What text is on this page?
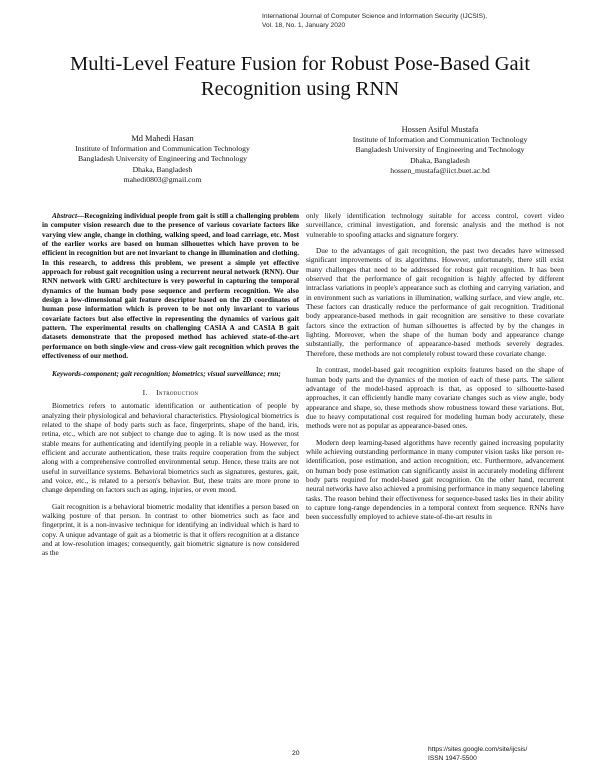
International Journal of Computer Science and Information Security (IJCSIS),
Vol. 18, No. 1, January 2020
Multi-Level Feature Fusion for Robust Pose-Based Gait Recognition using RNN
Md Mahedi Hasan
Institute of Information and Communication Technology
Bangladesh University of Engineering and Technology
Dhaka, Bangladesh
mahedi0803@gmail.com
Hossen Asiful Mustafa
Institute of Information and Communication Technology
Bangladesh University of Engineering and Technology
Dhaka, Bangladesh
hossen_mustafa@iict.buet.ac.bd

Abstract—Recognizing individual people from gait is still a challenging problem in computer vision research due to the presence of various covariate factors like varying view angle, change in clothing, walking speed, and load carriage, etc. Most of the earlier works are based on human silhouettes which have proven to be efficient in recognition but are not invariant to change in illumination and clothing. In this research, to address this problem, we present a simple yet effective approach for robust gait recognition using a recurrent neural network (RNN). Our RNN network with GRU architecture is very powerful in capturing the temporal dynamics of the human body pose sequence and perform recognition. We also design a low-dimensional gait feature descriptor based on the 2D coordinates of human pose information which is proven to be not only invariant to various covariate factors but also effective in representing the dynamics of various gait pattern. The experimental results on challenging CASIA A and CASIA B gait datasets demonstrate that the proposed method has achieved state-of-the-art performance on both single-view and cross-view gait recognition which proves the effectiveness of our method.

Keywords-component; gait recognition; biometrics; visual surveillance; rnn;

I. Introduction

Biometrics refers to automatic identification or authentication of people by analyzing their physiological and behavioral characteristics. Physiological biometrics is related to the shape of body parts such as face, fingerprints, shape of the hand, iris, retina, etc., which are not subject to change due to aging. It is now used as the most stable means for authenticating and identifying people in a reliable way. However, for efficient and accurate authentication, these traits require cooperation from the subject along with a comprehensive controlled environmental setup. Hence, these traits are not useful in surveillance systems. Behavioral biometrics such as signatures, gestures, gait, and voice, etc., is related to a person's behavior. But, these traits are more prone to change depending on factors such as aging, injuries, or even mood.

Gait recognition is a behavioral biometric modality that identifies a person based on walking posture of that person. In contrast to other biometrics such as face and fingerprint, it is a non-invasive technique for identifying an individual which is hard to copy. A unique advantage of gait as a biometric is that it offers recognition at a distance and at low-resolution images; consequently, gait biometric signature is now considered as the

only likely identification technology suitable for access control, covert video surveillance, criminal investigation, and forensic analysis and the method is not vulnerable to spoofing attacks and signature forgery.

Due to the advantages of gait recognition, the past two decades have witnessed significant improvements of its algorithms. However, unfortunately, there still exist many challenges that need to be addressed for robust gait recognition. It has been observed that the performance of gait recognition is highly affected by different intraclass variations in people's appearance such as clothing and carrying variation, and in environment such as variations in illumination, walking surface, and view angle, etc. These factors can drastically reduce the performance of gait recognition. Traditional body appearance-based methods in gait recognition are sensitive to these covariate factors since the extraction of human silhouettes is affected by by the changes in lighting. Moreover, when the shape of the human body and appearance change substantially, the performance of appearance-based methods severely degrades. Therefore, these methods are not completely robust toward these covariate change.

In contrast, model-based gait recognition exploits features based on the shape of human body parts and the dynamics of the motion of each of these parts. The salient advantage of the model-based approach is that, as opposed to silhouette-based approaches, it can efficiently handle many covariate changes such as view angle, body appearance and shape, so, these methods show robustness toward these variations. But, due to heavy computational cost required for modeling human body accurately, these methods were not as popular as appearance-based ones.

Modern deep learning-based algorithms have recently gained increasing popularity while achieving outstanding performance in many computer vision tasks like person re-identification, pose estimation, and action recognition, etc. Furthermore, advancement on human body pose estimation can significantly assist in accurately modeling different body parts required for model-based gait recognition. On the other hand, recurrent neural networks have also achieved a promising performance in many sequence labeling tasks. The reason behind their effectiveness for sequence-based tasks lies in their ability to capture long-range dependencies in a temporal context from sequence. RNNs have been successfully employed to achieve state-of-the-art results in

20
https://sites.google.com/site/ijcsis/
ISSN 1947-5500
